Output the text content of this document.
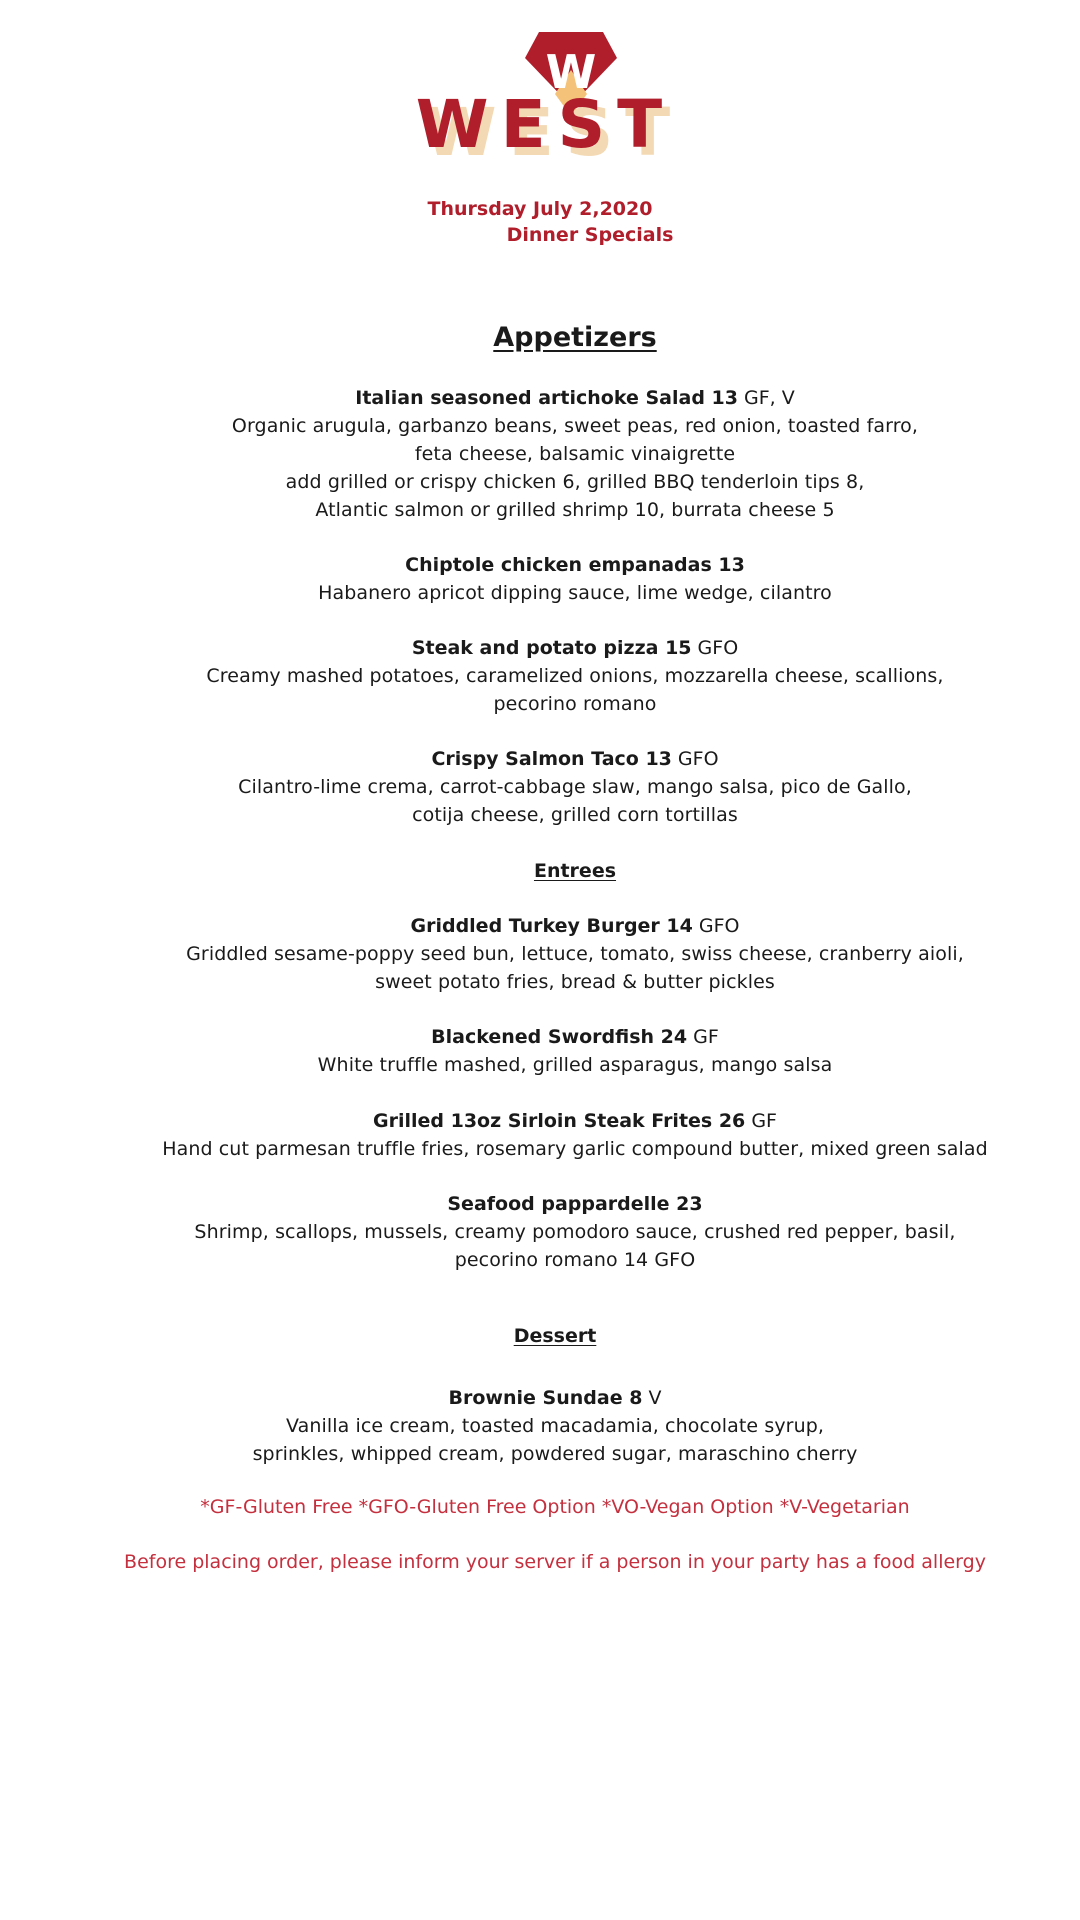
W
WEST

Thursday July 2,2020

Dinner Specials

Appetizers
Italian seasoned artichoke Salad 13 GF, V
Organic arugula, garbanzo beans, sweet peas, red onion, toasted farro,
feta cheese, balsamic vinaigrette
add grilled or crispy chicken 6, grilled BBQ tenderloin tips 8,
Atlantic salmon or grilled shrimp 10, burrata cheese 5
Chiptole chicken empanadas 13
Habanero apricot dipping sauce, lime wedge, cilantro
Steak and potato pizza 15 GFO
Creamy mashed potatoes, caramelized onions, mozzarella cheese, scallions,
pecorino romano
Crispy Salmon Taco 13 GFO
Cilantro-lime crema, carrot-cabbage slaw, mango salsa, pico de Gallo,
cotija cheese, grilled corn tortillas
Entrees
Griddled Turkey Burger 14 GFO
Griddled sesame-poppy seed bun, lettuce, tomato, swiss cheese, cranberry aioli,
sweet potato fries, bread & butter pickles
Blackened Swordfish 24 GF
White truffle mashed, grilled asparagus, mango salsa
Grilled 13oz Sirloin Steak Frites 26 GF
Hand cut parmesan truffle fries, rosemary garlic compound butter, mixed green salad
Seafood pappardelle 23
Shrimp, scallops, mussels, creamy pomodoro sauce, crushed red pepper, basil,
pecorino romano 14 GFO
Dessert
Brownie Sundae 8 V
Vanilla ice cream, toasted macadamia, chocolate syrup,
sprinkles, whipped cream, powdered sugar, maraschino cherry

*GF-Gluten Free *GFO-Gluten Free Option *VO-Vegan Option *V-Vegetarian

Before placing order, please inform your server if a person in your party has a food allergy
